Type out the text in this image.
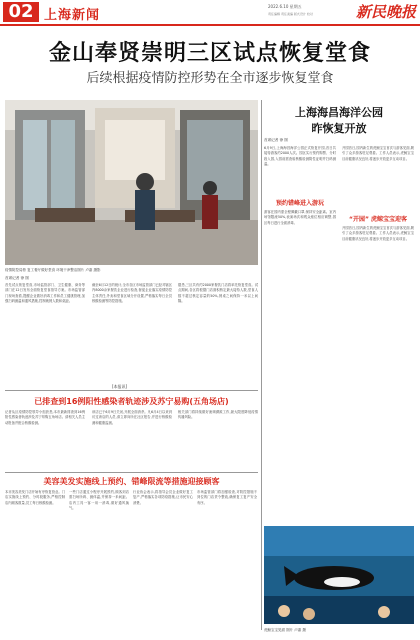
02 上海新闻
2022.6.10 星期五
责任编辑 责任美编 版式设计 校对	新民晚报
金山奉贤崇明三区试点恢复堂食
后续根据疫情防控形势在全市逐步恢复堂食
疫情防控局势 复工餐厅做好堂食 环境干净整洁图片 卢嘉 摄影
首席记者 徐 图
首先试点恢复堂食,市场监管部门、卫生健康、商务等部门在12日发布全面恢复堂食指导方案。市场监管部门现场查看,提醒企业做好消毒工作和员工健康管理,加强扫码测温和通风措施,控制就餐人数和桌距。
截至6月12日的统计,全市各区市场监管部门已经对辖区内8000余家餐饮企业进行检查,督促企业落实疫情防控主体责任,外卖和堂食区域分开设置,严格落实每日全员核酸检测等防控措施。
据悉,三区共有约2000家餐饮门店将率先恢复堂食。试点期间,各区将根据门店面积核定最大接待人数,堂食人数不超过核定容量的50%,餐桌之间保持一米以上间隔。
[本报讯]
已排查到16例阳性感染者轨迹涉及苏宁易购(五角场店)
记者从区疫情防控领导小组获悉,本市最新排查到16例阳性感染者轨迹涉及苏宁易购五角场店。请相关人员主动报备并配合核酸检测。
该店已于6月9日关闭,开展全面消杀。凡6月4日以来到访过该店的人员,请立即向所在社区报告,并进行核酸检测和健康监测。
相关部门将持续做好流调溯源工作,最大限度降低疫情传播风险。
美容美发实施线上预约、错峰限流等措施迎接顾客
本市美容美发门店开始有序恢复营业。门店实施线上预约、分时段服务,严格控制店内顾客数量,员工每日核酸检测。
一些门店通过小程序开展预约,顾客到店需扫场所码、测体温,并保持一米间距。店内工具一客一用一消毒,做好通风换气。
行业协会表示,将指导会员企业做好复工复产,严格落实各项防疫措施,让市民安心消费。
市场监管部门将加强检查,对防控措施不到位的门店责令整改,确保复工复产安全有序。
上海海昌海洋公园
昨恢复开放
首席记者 徐 图
6月9日,上海海昌海洋公园正式恢复开园,首日共接待游客约2000人次。园区实行预约购票、分时段入园,入园前需查验核酸检测阴性证明并扫码测温。
预约错峰进入游玩
游客在园内需全程佩戴口罩,保持安全距离。室内场馆限流50%,表演场次和观众座位相应调整,园区每日进行全面消毒。	“开园” 虎鲸宝宝迎客
开园首日,园内新生的虎鲸宝宝首次与游客见面,吸引了众多游客驻足观看。工作人员表示,虎鲸宝宝目前健康状况良好,将逐步开放更多互动项目。
开园首日,园内新生的虎鲸宝宝首次与游客见面,吸引了众多游客驻足观看。工作人员表示,虎鲸宝宝目前健康状况良好,将逐步开放更多互动项目。
虎鲸宝宝见面 图片 卢嘉 摄
